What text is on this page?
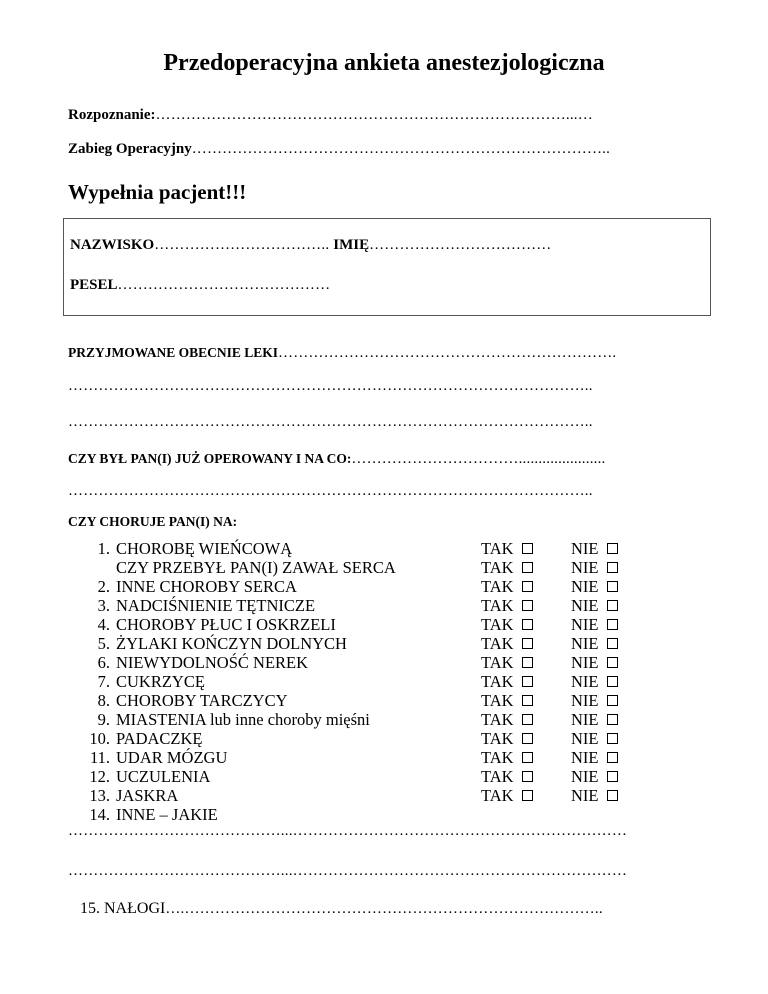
Przedoperacyjna ankieta anestezjologiczna
Rozpoznanie:………………………………………………………………………...…
Zabieg Operacyjny………………………………………………………………………..
Wypełnia pacjent!!!
NAZWISKO…………………………….. IMIĘ………………………………
PESEL……………………………………
PRZYJMOWANE OBECNIE LEKI………………………………………………………….
…………………………………………………………………………………………..
…………………………………………………………………………………………..
CZY BYŁ PAN(I) JUŻ OPEROWANY I NA CO:……………………………......................
…………………………………………………………………………………………..
CZY CHORUJE PAN(I) NA:
1. CHOROBĘ WIEŃCOWĄ	TAK	NIE
CZY PRZEBYŁ PAN(I) ZAWAŁ SERCA	TAK	NIE
2. INNE CHOROBY SERCA	TAK	NIE
3. NADCIŚNIENIE TĘTNICZE	TAK	NIE
4. CHOROBY PŁUC I OSKRZELI	TAK	NIE
5. ŻYLAKI KOŃCZYN DOLNYCH	TAK	NIE
6. NIEWYDOLNOŚĆ NEREK	TAK	NIE
7. CUKRZYCĘ	TAK	NIE
8. CHOROBY TARCZYCY	TAK	NIE
9. MIASTENIA lub inne choroby mięśni	TAK	NIE
10. PADACZKĘ	TAK	NIE
11. UDAR MÓZGU	TAK	NIE
12. UCZULENIA	TAK	NIE
13. JASKRA	TAK	NIE
14. INNE – JAKIE
……………………………………...…………………………………………………………
……………………………………...…………………………………………………………
15. NAŁOGI….………………………………………………………………………..
